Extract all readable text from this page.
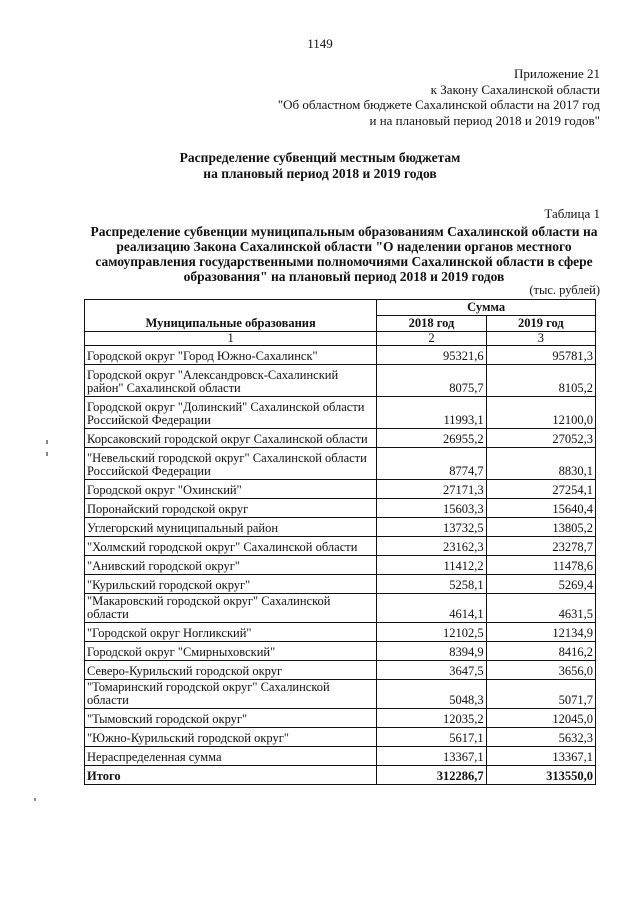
1149
Приложение 21
к Закону Сахалинской области
"Об областном бюджете Сахалинской области на 2017 год
и на плановый период 2018 и 2019 годов"
Распределение субвенций местным бюджетам
на плановый период 2018 и 2019 годов
Таблица 1
Распределение субвенции муниципальным образованиям Сахалинской области на
реализацию Закона Сахалинской области "О наделении органов местного
самоуправления государственными полномочиями Сахалинской области в сфере
образования" на плановый период 2018 и 2019 годов
(тыс. рублей)
Муниципальные образования	Сумма	
	2018 год	2019 год
1	2	3
Городской округ "Город Южно-Сахалинск"	95321,6	95781,3
Городской округ "Александровск-Сахалинский район" Сахалинской области	8075,7	8105,2
Городской округ "Долинский" Сахалинской области Российской Федерации	11993,1	12100,0
Корсаковский городской округ Сахалинской области	26955,2	27052,3
"Невельский городской округ" Сахалинской области Российской Федерации	8774,7	8830,1
Городской округ "Охинский"	27171,3	27254,1
Поронайский городской округ	15603,3	15640,4
Углегорский муниципальный район	13732,5	13805,2
"Холмский городской округ" Сахалинской области	23162,3	23278,7
"Анивский городской округ"	11412,2	11478,6
"Курильский городской округ"	5258,1	5269,4
"Макаровский городской округ" Сахалинской области	4614,1	4631,5
"Городской округ Ногликский"	12102,5	12134,9
Городской округ "Смирныховский"	8394,9	8416,2
Северо-Курильский городской округ	3647,5	3656,0
"Томаринский городской округ" Сахалинской области	5048,3	5071,7
"Тымовский городской округ"	12035,2	12045,0
"Южно-Курильский городской округ"	5617,1	5632,3
Нераспределенная сумма	13367,1	13367,1
Итого	312286,7	313550,0
